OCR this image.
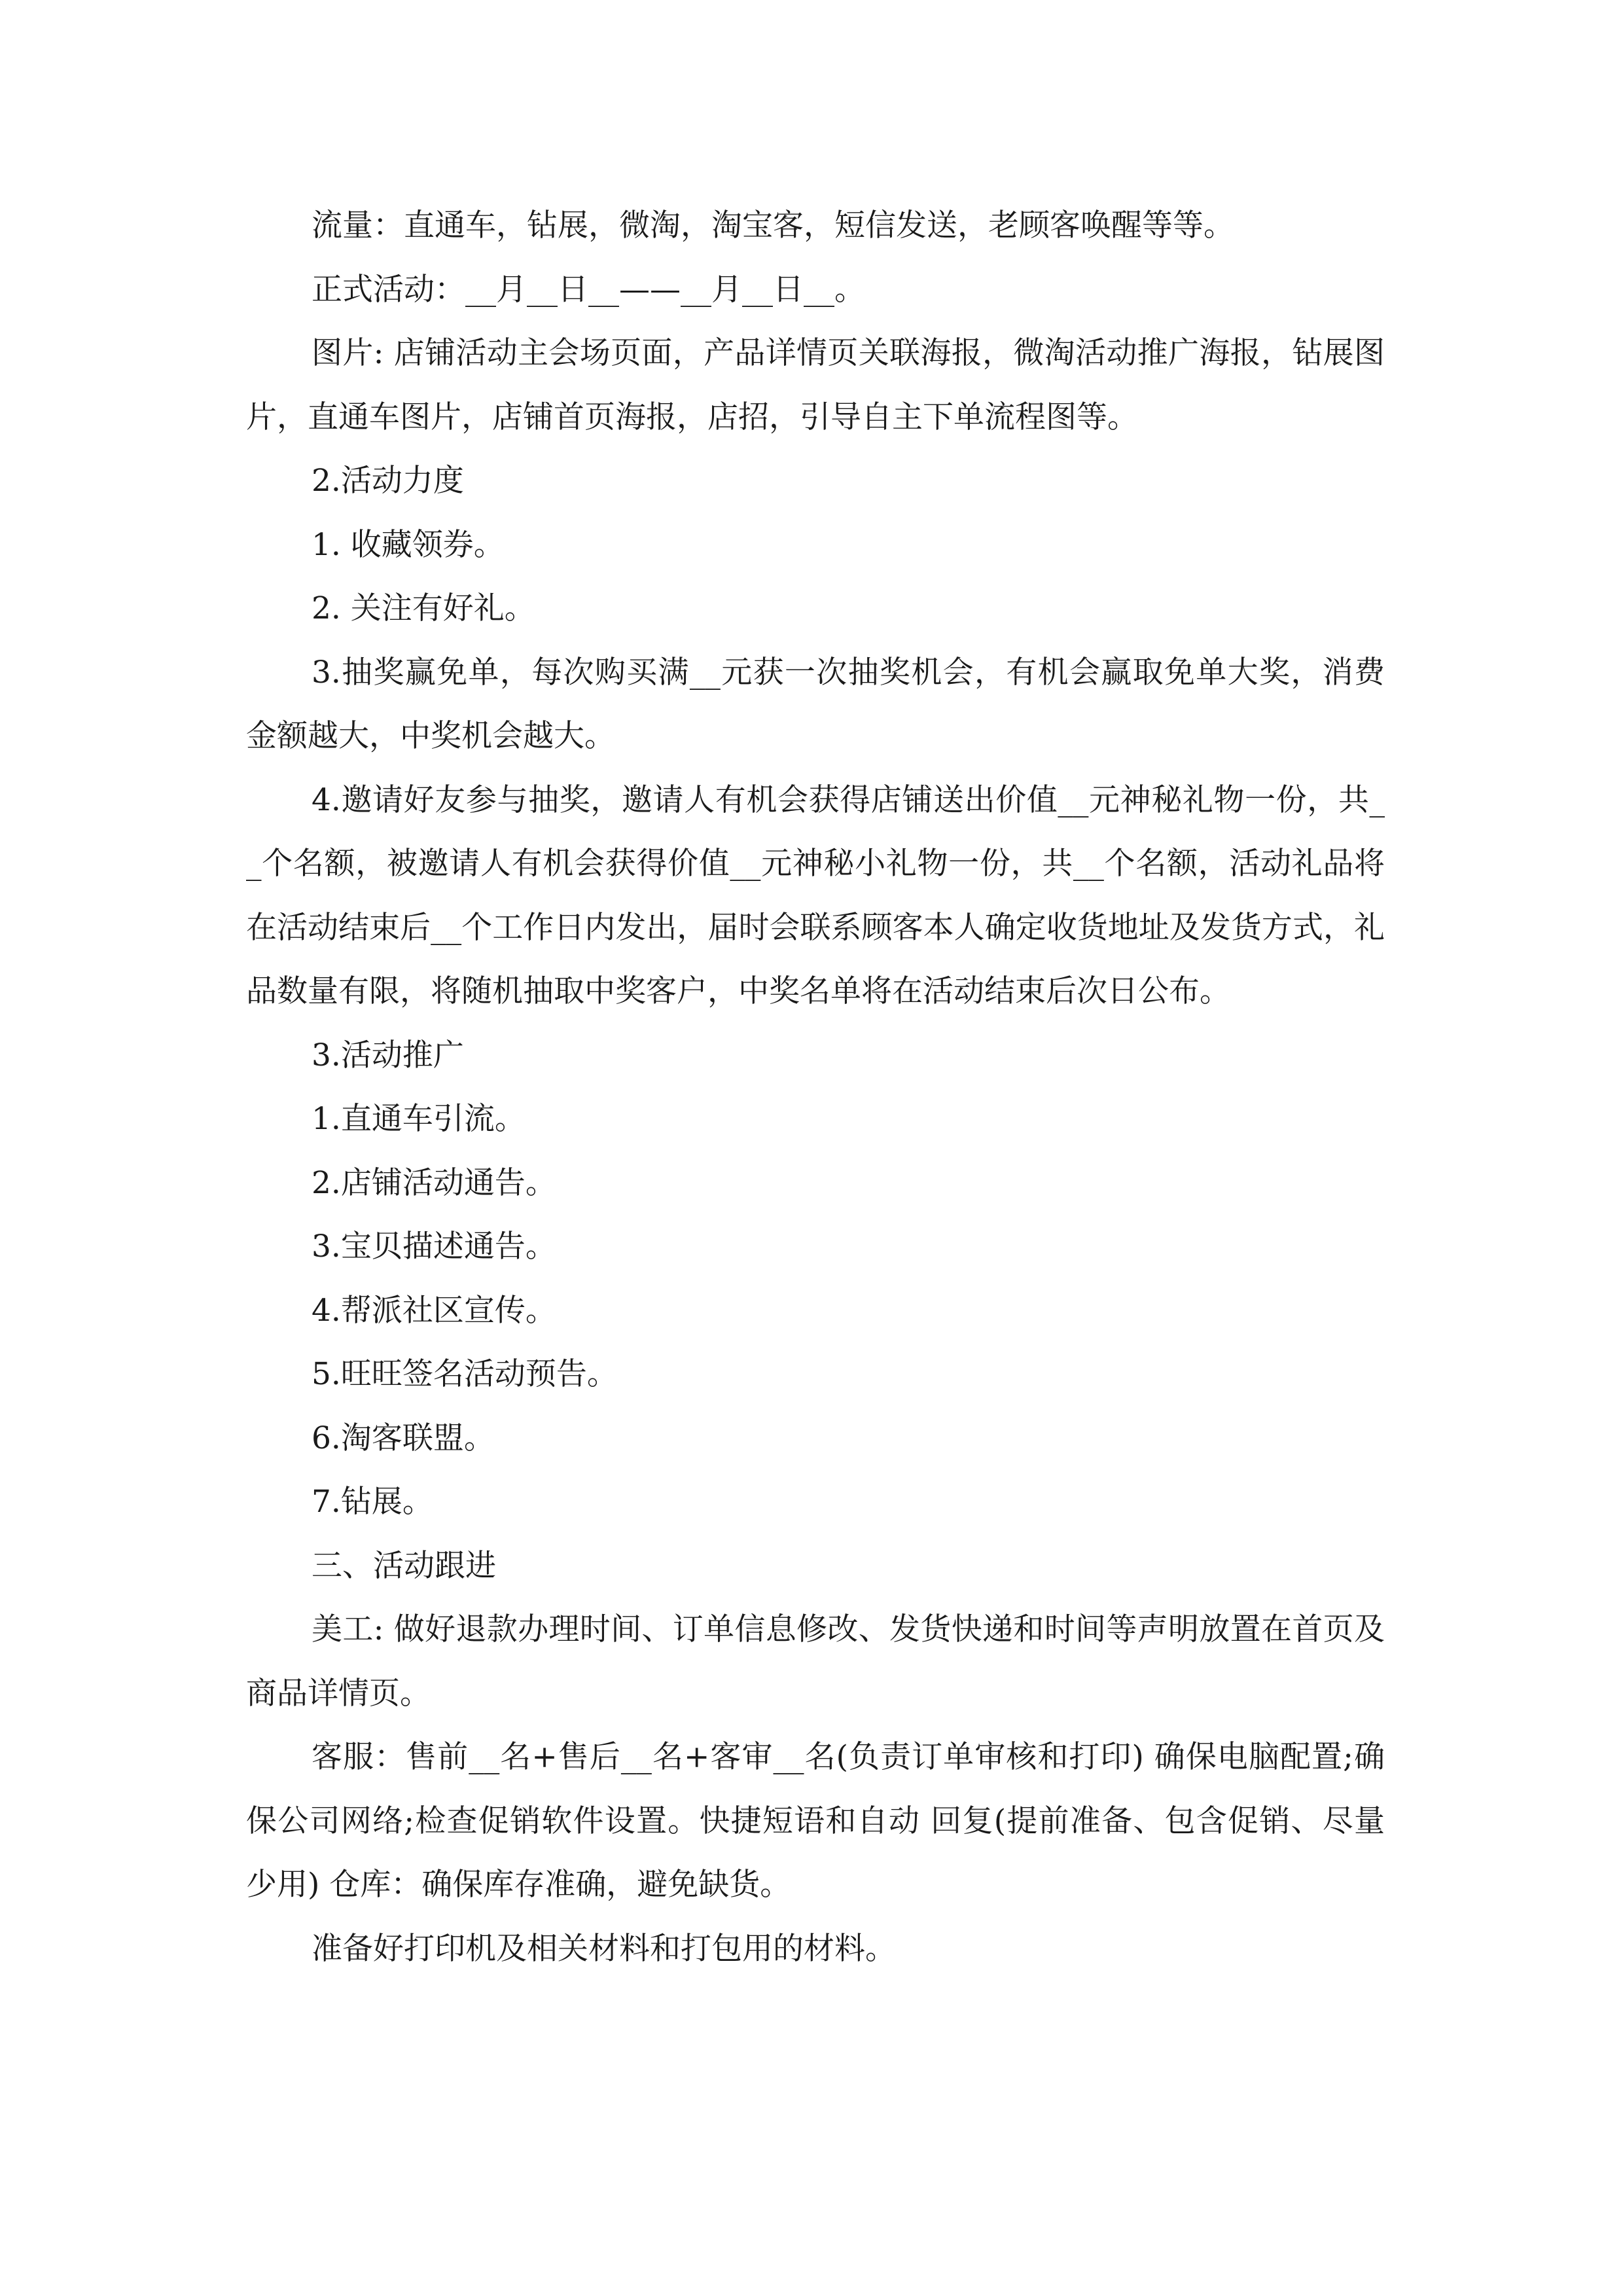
流量：直通车，钻展，微淘，淘宝客，短信发送，老顾客唤醒等等。

正式活动：__月__日__——__月__日__。

图片: 店铺活动主会场页面，产品详情页关联海报，微淘活动推广海报，钻展图片，直通车图片，店铺首页海报，店招，引导自主下单流程图等。

2.活动力度

1. 收藏领券。

2. 关注有好礼。

3.抽奖赢免单，每次购买满__元获一次抽奖机会，有机会赢取免单大奖，消费金额越大，中奖机会越大。

4.邀请好友参与抽奖，邀请人有机会获得店铺送出价值__元神秘礼物一份，共__个名额，被邀请人有机会获得价值__元神秘小礼物一份，共__个名额，活动礼品将在活动结束后__个工作日内发出，届时会联系顾客本人确定收货地址及发货方式，礼品数量有限，将随机抽取中奖客户，中奖名单将在活动结束后次日公布。

3.活动推广

1.直通车引流。

2.店铺活动通告。

3.宝贝描述通告。

4.帮派社区宣传。

5.旺旺签名活动预告。

6.淘客联盟。

7.钻展。

三、活动跟进

美工: 做好退款办理时间、订单信息修改、发货快递和时间等声明放置在首页及商品详情页。

客服：售前__名+售后__名+客审__名(负责订单审核和打印) 确保电脑配置;确保公司网络;检查促销软件设置。快捷短语和自动 回复(提前准备、包含促销、尽量少用) 仓库：确保库存准确，避免缺货。

准备好打印机及相关材料和打包用的材料。
